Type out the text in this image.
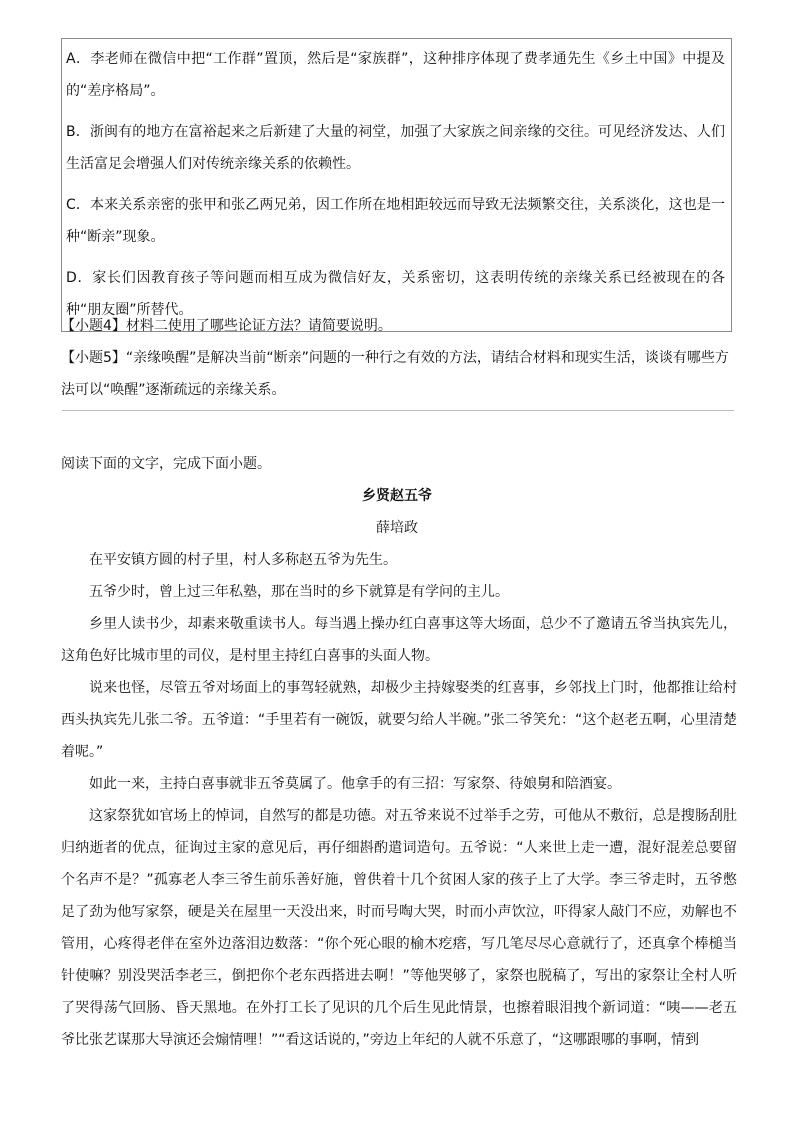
A．李老师在微信中把“工作群”置顶，然后是“家族群”，这种排序体现了费孝通先生《乡土中国》中提及的“差序格局”。
B．浙闽有的地方在富裕起来之后新建了大量的祠堂，加强了大家族之间亲缘的交往。可见经济发达、人们生活富足会增强人们对传统亲缘关系的依赖性。
C．本来关系亲密的张甲和张乙两兄弟，因工作所在地相距较远而导致无法频繁交往，关系淡化，这也是一种“断亲”现象。
D．家长们因教育孩子等问题而相互成为微信好友，关系密切，这表明传统的亲缘关系已经被现在的各种“朋友圈”所替代。
【小题4】材料二使用了哪些论证方法？请简要说明。
【小题5】“亲缘唤醒”是解决当前“断亲”问题的一种行之有效的方法，请结合材料和现实生活，谈谈有哪些方法可以“唤醒”逐渐疏远的亲缘关系。
阅读下面的文字，完成下面小题。
乡贤赵五爷
薛培政

在平安镇方圆的村子里，村人多称赵五爷为先生。

五爷少时，曾上过三年私塾，那在当时的乡下就算是有学问的主儿。

乡里人读书少，却素来敬重读书人。每当遇上操办红白喜事这等大场面，总少不了邀请五爷当执宾先儿，这角色好比城市里的司仪，是村里主持红白喜事的头面人物。

说来也怪，尽管五爷对场面上的事驾轻就熟，却极少主持嫁娶类的红喜事，乡邻找上门时，他都推让给村西头执宾先儿张二爷。五爷道：“手里若有一碗饭，就要匀给人半碗。”张二爷笑允：“这个赵老五啊，心里清楚着呢。”

如此一来，主持白喜事就非五爷莫属了。他拿手的有三招：写家祭、待娘舅和陪酒宴。

这家祭犹如官场上的悼词，自然写的都是功德。对五爷来说不过举手之劳，可他从不敷衍，总是搜肠刮肚归纳逝者的优点，征询过主家的意见后，再仔细斟酌遣词造句。五爷说：“人来世上走一遭，混好混差总要留个名声不是？”孤寡老人李三爷生前乐善好施，曾供着十几个贫困人家的孩子上了大学。李三爷走时，五爷憋足了劲为他写家祭，硬是关在屋里一天没出来，时而号啕大哭，时而小声饮泣，吓得家人敲门不应，劝解也不管用，心疼得老伴在室外边落泪边数落：“你个死心眼的榆木疙瘩，写几笔尽尽心意就行了，还真拿个棒槌当针使嘛？别没哭活李老三，倒把你个老东西搭进去啊！”等他哭够了，家祭也脱稿了，写出的家祭让全村人听了哭得荡气回肠、昏天黑地。在外打工长了见识的几个后生见此情景，也擦着眼泪拽个新词道：“咦——老五爷比张艺谋那大导演还会煽情哩！”“看这话说的，”旁边上年纪的人就不乐意了，“这哪跟哪的事啊，情到
